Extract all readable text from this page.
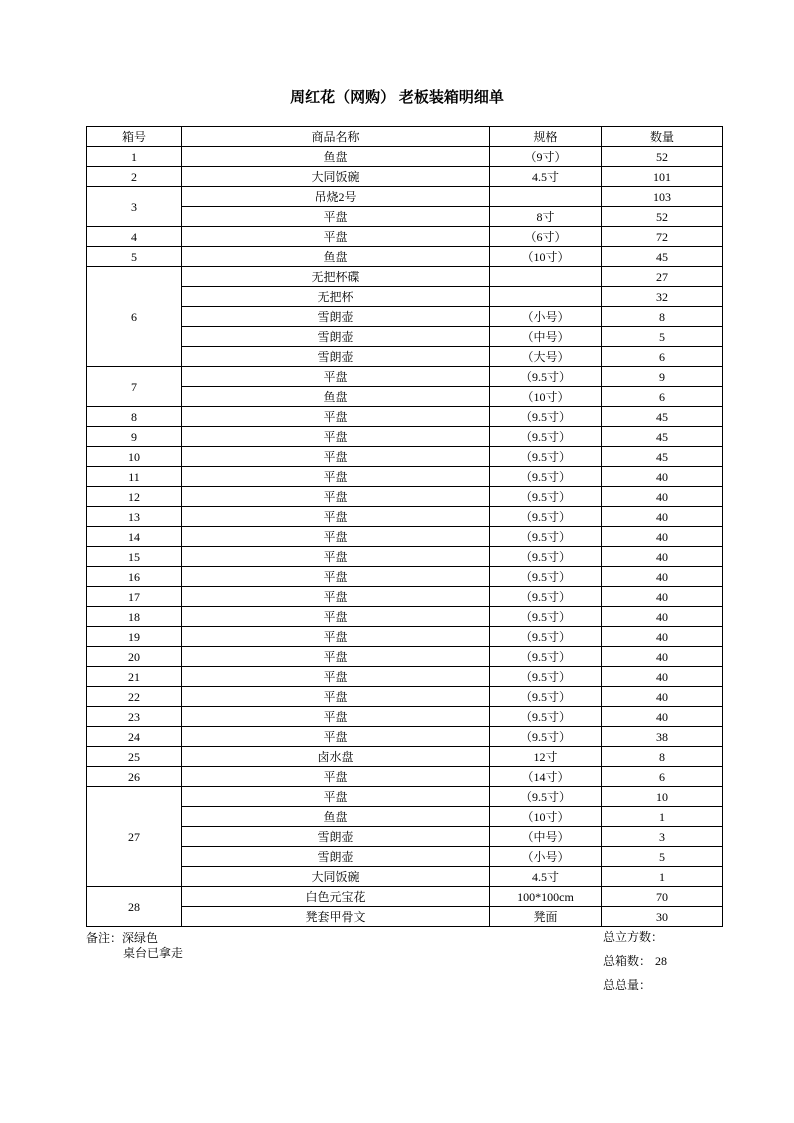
周红花（网购） 老板装箱明细单
箱号	商品名称	规格	数量
1	鱼盘	（9寸）	52
2	大同饭碗	4.5寸	101
3	吊烧2号		103
	平盘	8寸	52
4	平盘	（6寸）	72
5	鱼盘	（10寸）	45
6	无把杯碟		27
	无把杯		32
	雪朗壶	（小号）	8
	雪朗壶	（中号）	5
	雪朗壶	（大号）	6
7	平盘	（9.5寸）	9
	鱼盘	（10寸）	6
8	平盘	（9.5寸）	45
9	平盘	（9.5寸）	45
10	平盘	（9.5寸）	45
11	平盘	（9.5寸）	40
12	平盘	（9.5寸）	40
13	平盘	（9.5寸）	40
14	平盘	（9.5寸）	40
15	平盘	（9.5寸）	40
16	平盘	（9.5寸）	40
17	平盘	（9.5寸）	40
18	平盘	（9.5寸）	40
19	平盘	（9.5寸）	40
20	平盘	（9.5寸）	40
21	平盘	（9.5寸）	40
22	平盘	（9.5寸）	40
23	平盘	（9.5寸）	40
24	平盘	（9.5寸）	38
25	卤水盘	12寸	8
26	平盘	（14寸）	6
27	平盘	（9.5寸）	10
	鱼盘	（10寸）	1
	雪朗壶	（中号）	3
	雪朗壶	（小号）	5
	大同饭碗	4.5寸	1
28	白色元宝花	100*100cm	70
	凳套甲骨文	凳面	30
备注：深绿色
桌台已拿走
总立方数：
总箱数： 28
总总量：
